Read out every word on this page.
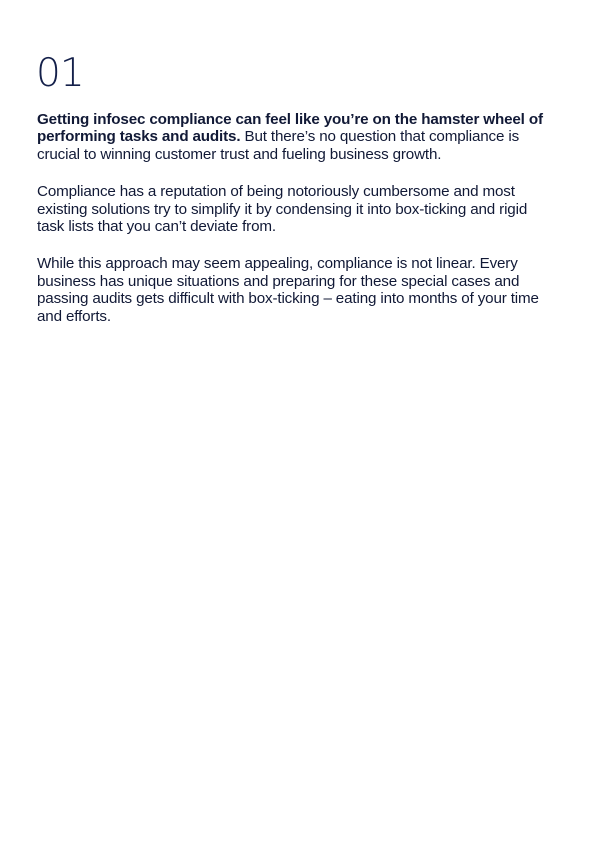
01

Getting infosec compliance can feel like you’re on the hamster wheel of performing tasks and audits. But there’s no question that compliance is crucial to winning customer trust and fueling business growth.

Compliance has a reputation of being notoriously cumbersome and most existing solutions try to simplify it by condensing it into box-ticking and rigid task lists that you can’t deviate from.

While this approach may seem appealing, compliance is not linear. Every business has unique situations and preparing for these special cases and passing audits gets difficult with box-ticking – eating into months of your time and efforts.
